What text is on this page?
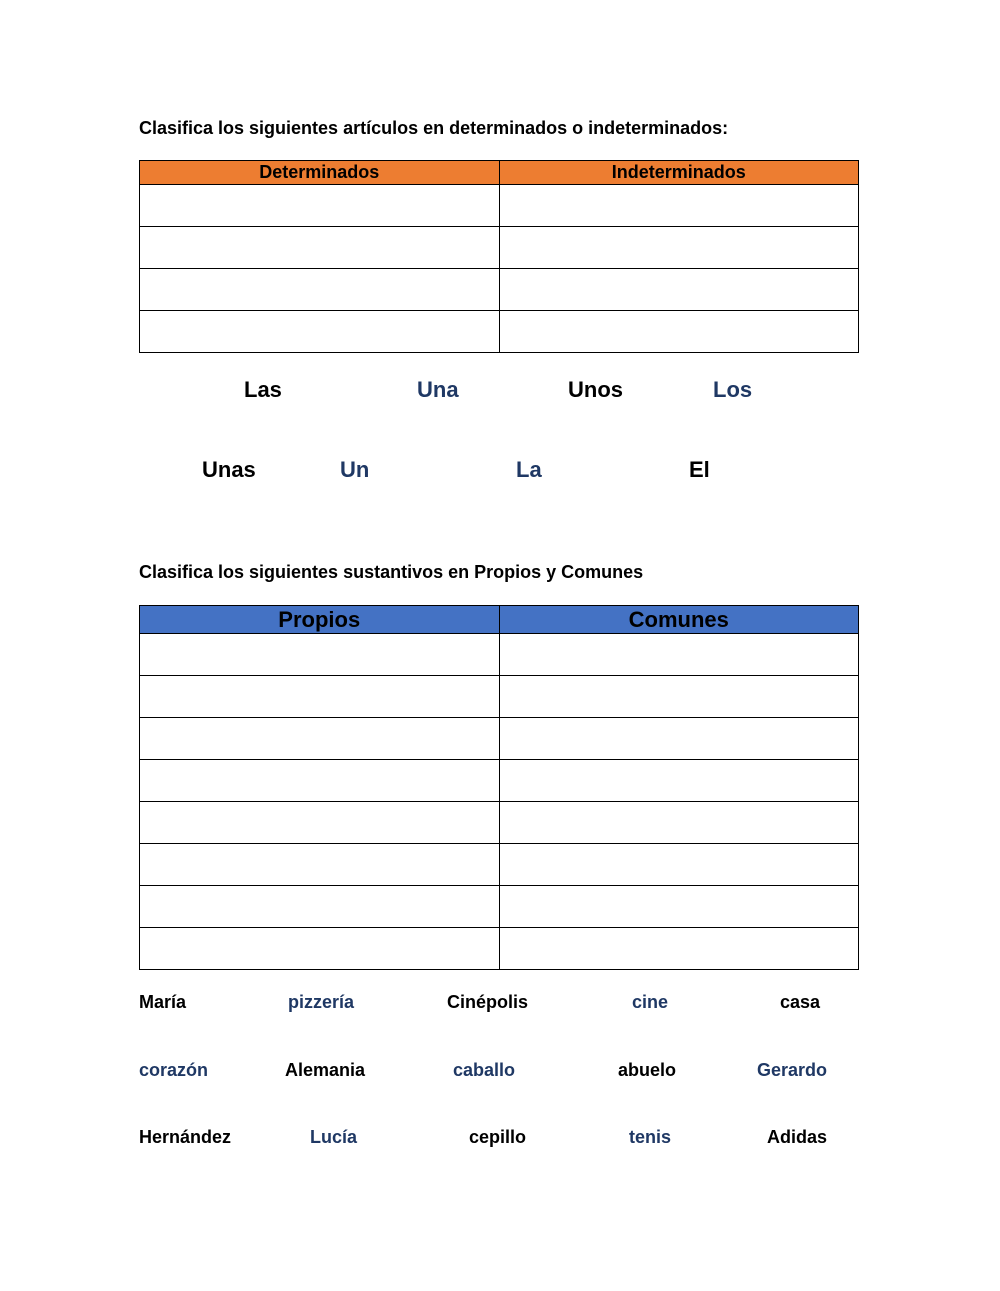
Clasifica los siguientes artículos en determinados o indeterminados:

Determinados	Indeterminados

Las	Una	Unos	Los
Unas	Un	La	El

Clasifica los siguientes sustantivos en Propios y Comunes

Propios	Comunes

María	pizzería	Cinépolis	cine	casa
corazón	Alemania	caballo	abuelo	Gerardo
Hernández	Lucía	cepillo	tenis	Adidas
